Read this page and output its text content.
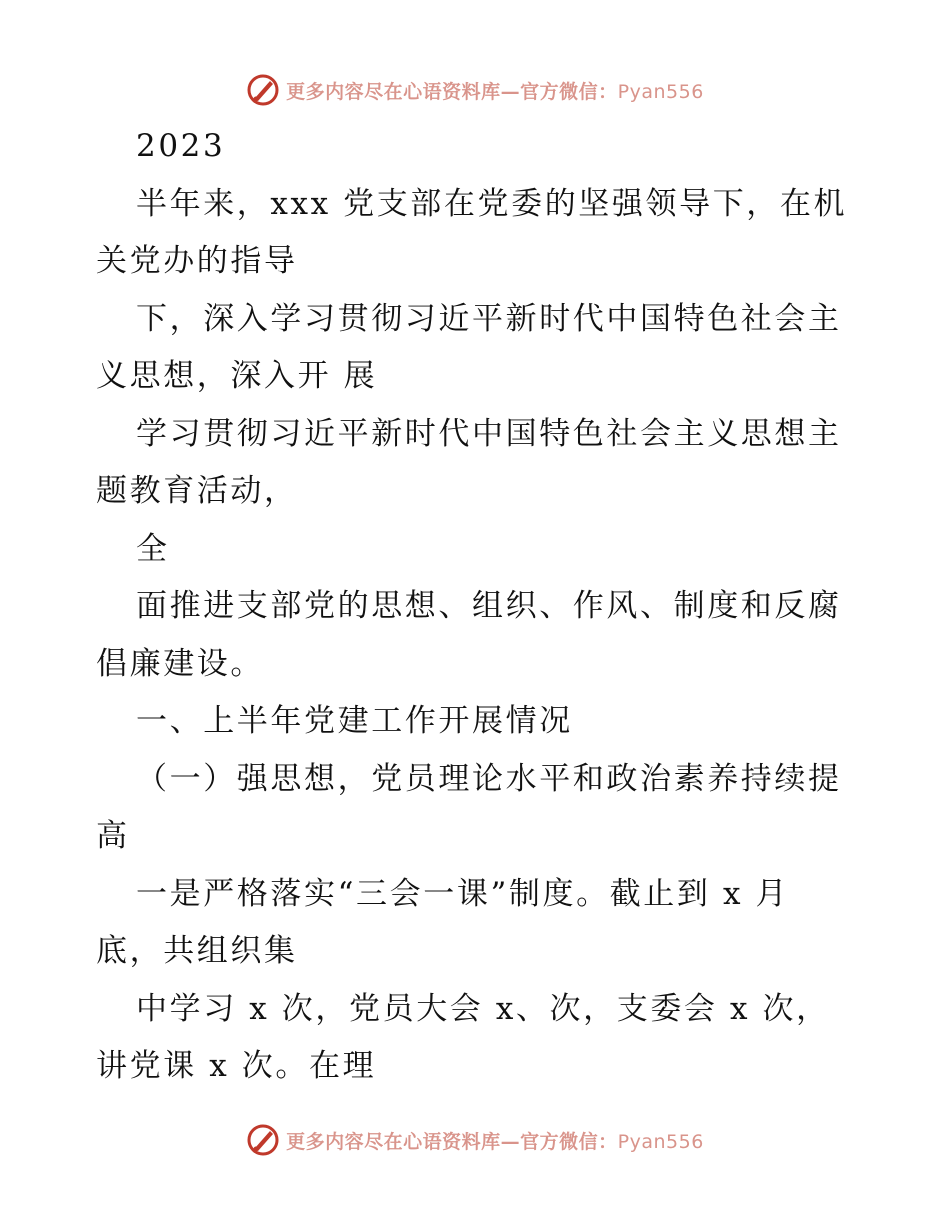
更多内容尽在心语资料库—官方微信：Pyan556

2023

半年来，xxx 党支部在党委的坚强领导下，在机

关党办的指导

下，深入学习贯彻习近平新时代中国特色社会主

义思想，深入开 展

学习贯彻习近平新时代中国特色社会主义思想主

题教育活动，

全

面推进支部党的思想、组织、作风、制度和反腐

倡廉建设。

一、上半年党建工作开展情况

（一）强思想，党员理论水平和政治素养持续提

高

一是严格落实“三会一课”制度。截止到 x 月

底，共组织集

中学习 x 次，党员大会 x、次，支委会 x 次，

讲党课 x 次。在理

更多内容尽在心语资料库—官方微信：Pyan556
